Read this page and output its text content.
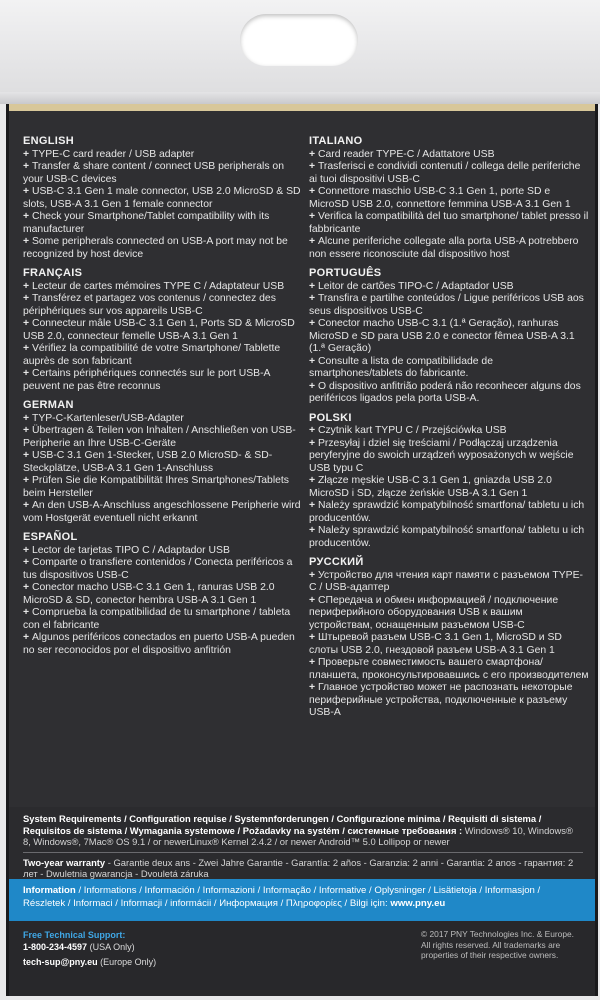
ENGLISH
+ TYPE-C card reader / USB adapter
+ Transfer & share content / connect USB peripherals on your USB-C devices
+ USB-C 3.1 Gen 1 male connector, USB 2.0 MicroSD & SD slots, USB-A 3.1 Gen 1 female connector
+ Check your Smartphone/Tablet compatibility with its manufacturer
+ Some peripherals connected on USB-A port may not be recognized by host device
FRANÇAIS
+ Lecteur de cartes mémoires TYPE C / Adaptateur USB
+ Transférez et partagez vos contenus / connectez des périphériques sur vos appareils USB-C
+ Connecteur mâle USB-C 3.1 Gen 1, Ports SD & MicroSD USB 2.0, connecteur femelle USB-A 3.1 Gen 1
+ Vérifiez la compatibilité de votre Smartphone/ Tablette auprès de son fabricant
+ Certains périphériques connectés sur le port USB-A peuvent ne pas être reconnus
GERMAN
+ TYP-C-Kartenleser/USB-Adapter
+ Übertragen & Teilen von Inhalten / Anschließen von USB-Peripherie an Ihre USB-C-Geräte
+ USB-C 3.1 Gen 1-Stecker, USB 2.0 MicroSD- & SD-Steckplätze, USB-A 3.1 Gen 1-Anschluss
+ Prüfen Sie die Kompatibilität Ihres Smartphones/Tablets beim Hersteller
+ An den USB-A-Anschluss angeschlossene Peripherie wird vom Hostgerät eventuell nicht erkannt
ESPAÑOL
+ Lector de tarjetas TIPO C / Adaptador USB
+ Comparte o transfiere contenidos / Conecta periféricos a tus dispositivos USB-C
+ Conector macho USB-C 3.1 Gen 1, ranuras USB 2.0 MicroSD & SD, conector hembra USB-A 3.1 Gen 1
+ Comprueba la compatibilidad de tu smartphone / tableta con el fabricante
+ Algunos periféricos conectados en puerto USB-A pueden no ser reconocidos por el dispositivo anfitrión
ITALIANO
+ Card reader TYPE-C / Adattatore USB
+ Trasferisci e condividi contenuti / collega delle periferiche ai tuoi dispositivi USB-C
+ Connettore maschio USB-C 3.1 Gen 1, porte SD e MicroSD USB 2.0, connettore femmina USB-A 3.1 Gen 1
+ Verifica la compatibilità del tuo smartphone/ tablet presso il fabbricante
+ Alcune periferiche collegate alla porta USB-A potrebbero non essere riconosciute dal dispositivo host
PORTUGUÊS
+ Leitor de cartões TIPO-C / Adaptador USB
+ Transfira e partilhe conteúdos / Ligue periféricos USB aos seus dispositivos USB-C
+ Conector macho USB-C 3.1 (1.ª Geração), ranhuras MicroSD e SD para USB 2.0 e conector fêmea USB-A 3.1 (1.ª Geração)
+ Consulte a lista de compatibilidade de smartphones/tablets do fabricante.
+ O dispositivo anfitrião poderá não reconhecer alguns dos periféricos ligados pela porta USB-A.
POLSKI
+ Czytnik kart TYPU C / Przejściówka USB
+ Przesyłaj i dziel się treściami / Podłączaj urządzenia peryferyjne do swoich urządzeń wyposażonych w wejście USB typu C
+ Złącze męskie USB-C 3.1 Gen 1, gniazda USB 2.0 MicroSD i SD, złącze żeńskie USB-A 3.1 Gen 1
+ Należy sprawdzić kompatybilność smartfona/ tabletu u ich producentów.
+ Należy sprawdzić kompatybilność smartfona/ tabletu u ich producentów.
РУССКИЙ
+ Устройство для чтения карт памяти с разъемом TYPE-C / USB-адаптер
+ СПередача и обмен информацией / подключение периферийного оборудования USB к вашим устройствам, оснащенным разъемом USB-C
+ Штыревой разъем USB-C 3.1 Gen 1, MicroSD и SD слоты USB 2.0, гнездовой разъем USB-A 3.1 Gen 1
+ Проверьте совместимость вашего смартфона/планшета, проконсультировавшись с его производителем
+ Главное устройство может не распознать некоторые периферийные устройства, подключенные к разъему USB-A
System Requirements / Configuration requise / Systemnforderungen / Configurazione minima / Requisiti di sistema / Requisitos de sistema / Wymagania systemowe / Požadavky na systém / системные требования : Windows® 10, Windows® 8, Windows®, 7Mac® OS 9.1 / or newerLinux® Kernel 2.4.2 / or newer Android™ 5.0 Lollipop or newer
Two-year warranty - Garantie deux ans - Zwei Jahre Garantie - Garantía: 2 años - Garanzia: 2 anni - Garantia: 2 anos - гарантия: 2 лет - Dwuletnia gwarancja - Dvouletá záruka
Information / Informations / Información / Informazioni / Informação / Informative / Oplysninger / Lisätietoja / Informasjon / Részletek / Informaci / Informacji / informácii / Информация / Πληροφορίες / Bilgi için: www.pny.eu
Free Technical Support:
1-800-234-4597 (USA Only)
tech-sup@pny.eu (Europe Only)
© 2017 PNY Technologies Inc. & Europe. All rights reserved. All trademarks are properties of their respective owners.
